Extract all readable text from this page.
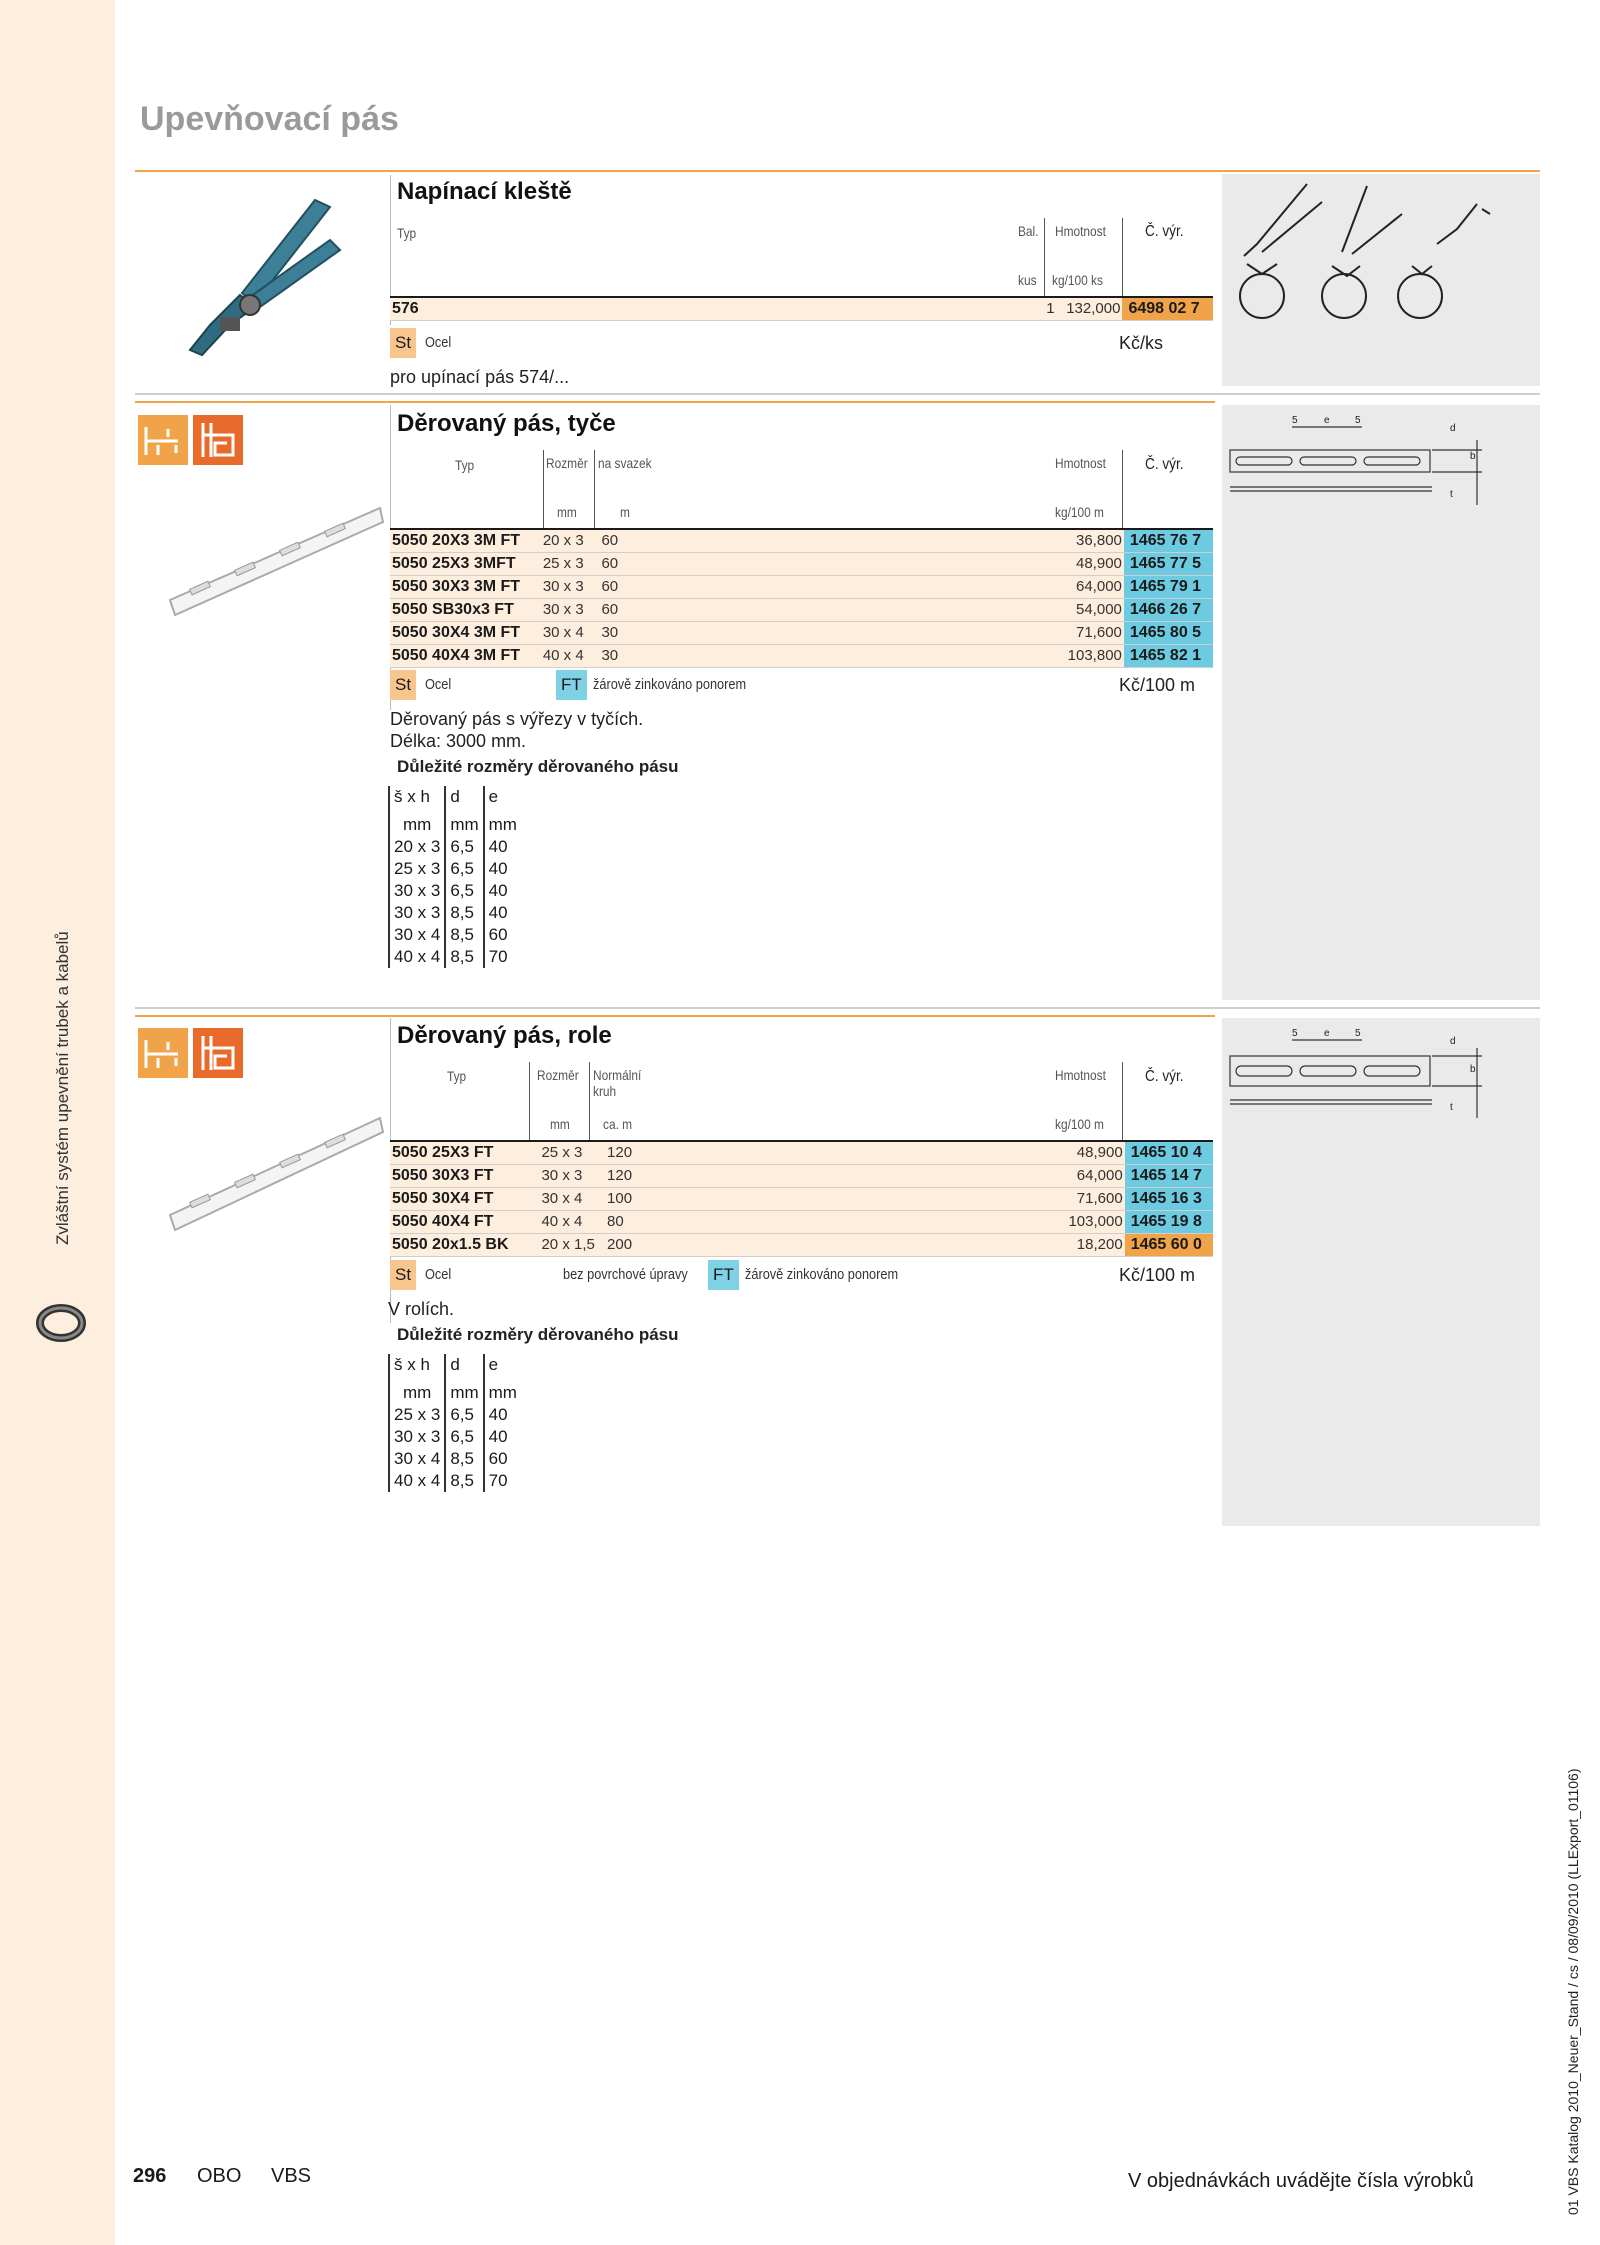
Zvláštní systém upevnění trubek a kabelů
Upevňovací pás
Napínací kleště
Typ	Bal. Hmotnost Č. výr.
kus kg/100 ks
576	1	132,000	6498 02 7
St Ocel	Kč/ks
pro upínací pás 574/...
Děrovaný pás, tyče
Typ	Rozměr na svazek	Hmotnost Č. výr.
mm	m	kg/100 m
5050 20X3 3M FT	20 x 3	60	36,800	1465 76 7
5050 25X3 3MFT	25 x 3	60	48,900	1465 77 5
5050 30X3 3M FT	30 x 3	60	64,000	1465 79 1
5050 SB30x3 FT	30 x 3	60	54,000	1466 26 7
5050 30X4 3M FT	30 x 4	30	71,600	1465 80 5
5050 40X4 3M FT	40 x 4	30	103,800	1465 82 1
St Ocel	FT žárově zinkováno ponorem	Kč/100 m
Děrovaný pás s výřezy v tyčích.
Délka: 3000 mm.
Důležité rozměry děrovaného pásu
š x h	d	e
mm	mm	mm
20 x 3	6,5	40
25 x 3	6,5	40
30 x 3	6,5	40
30 x 3	8,5	40
30 x 4	8,5	60
40 x 4	8,5	70
5	e	5
d
b
t
Děrovaný pás, role
Typ	Rozměr Normální kruh
Hmotnost Č. výr.
mm ca. m	kg/100 m
5050 25X3 FT	25 x 3	120	48,900	1465 10 4
5050 30X3 FT	30 x 3	120	64,000	1465 14 7
5050 30X4 FT	30 x 4	100	71,600	1465 16 3
5050 40X4 FT	40 x 4	80	103,000	1465 19 8
5050 20x1.5 BK	20 x 1,5	200	18,200	1465 60 0
St Ocel	bez povrchové úpravy FT žárově zinkováno ponorem	Kč/100 m
V rolích.
Důležité rozměry děrovaného pásu
š x h	d	e
mm	mm	mm
25 x 3	6,5	40
30 x 3	6,5	40
30 x 4	8,5	60
40 x 4	8,5	70
5	e	5
d
b
t
296 OBO VBS	V objednávkách uvádějte čísla výrobků	01 VBS Katalog 2010_Neuer_Stand / cs / 08/09/2010 (LLExport_01106)
